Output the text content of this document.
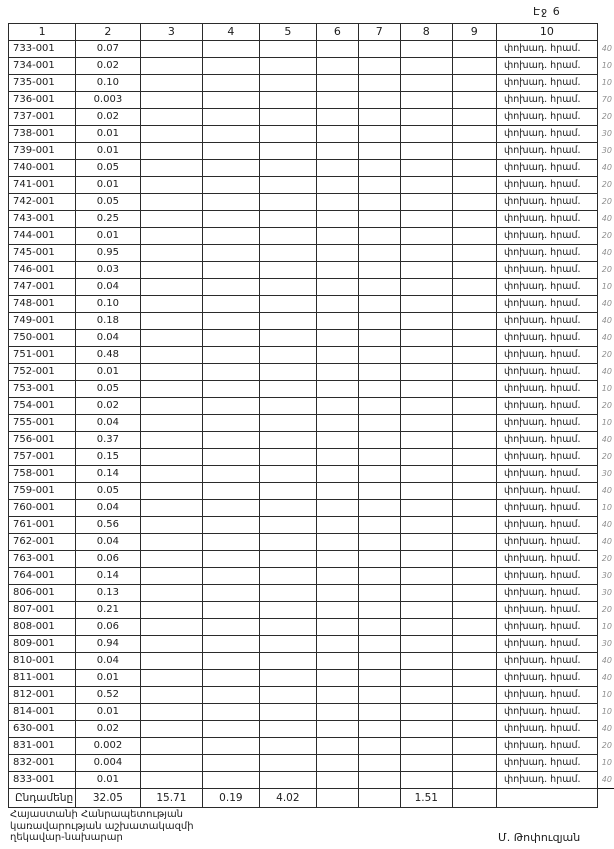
Էջ 6
1	2	3	4	5	6	7	8	9	10	
733-001	0.07								փոխադ. հրամ.	40
734-001	0.02								փոխադ. հրամ.	10
735-001	0.10								փոխադ. հրամ.	10
736-001	0.003								փոխադ. հրամ.	70
737-001	0.02								փոխադ. հրամ.	20
738-001	0.01								փոխադ. հրամ.	30
739-001	0.01								փոխադ. հրամ.	30
740-001	0.05								փոխադ. հրամ.	40
741-001	0.01								փոխադ. հրամ.	20
742-001	0.05								փոխադ. հրամ.	20
743-001	0.25								փոխադ. հրամ.	40
744-001	0.01								փոխադ. հրամ.	20
745-001	0.95								փոխադ. հրամ.	40
746-001	0.03								փոխադ. հրամ.	20
747-001	0.04								փոխադ. հրամ.	10
748-001	0.10								փոխադ. հրամ.	40
749-001	0.18								փոխադ. հրամ.	40
750-001	0.04								փոխադ. հրամ.	40
751-001	0.48								փոխադ. հրամ.	20
752-001	0.01								փոխադ. հրամ.	40
753-001	0.05								փոխադ. հրամ.	10
754-001	0.02								փոխադ. հրամ.	20
755-001	0.04								փոխադ. հրամ.	10
756-001	0.37								փոխադ. հրամ.	40
757-001	0.15								փոխադ. հրամ.	20
758-001	0.14								փոխադ. հրամ.	30
759-001	0.05								փոխադ. հրամ.	40
760-001	0.04								փոխադ. հրամ.	10
761-001	0.56								փոխադ. հրամ.	40
762-001	0.04								փոխադ. հրամ.	40
763-001	0.06								փոխադ. հրամ.	20
764-001	0.14								փոխադ. հրամ.	30
806-001	0.13								փոխադ. հրամ.	30
807-001	0.21								փոխադ. հրամ.	20
808-001	0.06								փոխադ. հրամ.	10
809-001	0.94								փոխադ. հրամ.	30
810-001	0.04								փոխադ. հրամ.	40
811-001	0.01								փոխադ. հրամ.	40
812-001	0.52								փոխադ. հրամ.	10
814-001	0.01								փոխադ. հրամ.	10
630-001	0.02								փոխադ. հրամ.	40
831-001	0.002								փոխադ. հրամ.	20
832-001	0.004								փոխադ. հրամ.	10
833-001	0.01								փոխադ. հրամ.	40
Ընդամենը	32.05	15.71	0.19	4.02			1.51			
Հայաստանի Հանրապետության
կառավարության աշխատակազմի
ղեկավար-նախարար	Մ. Թոփուզյան
